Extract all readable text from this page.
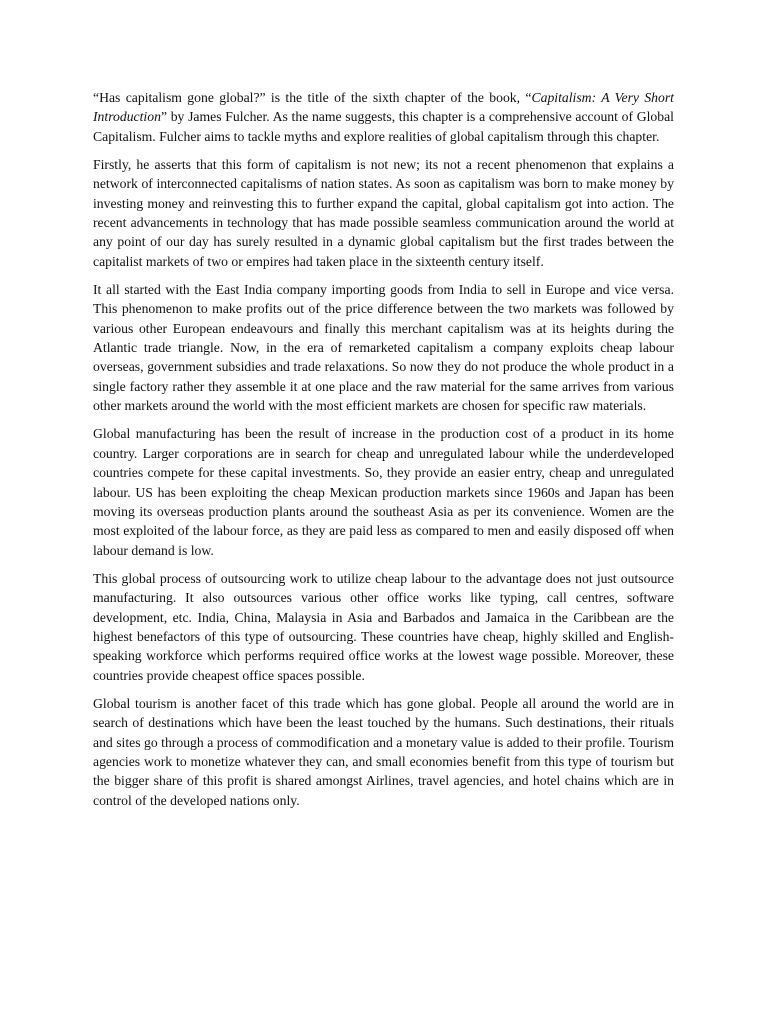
“Has capitalism gone global?” is the title of the sixth chapter of the book, “Capitalism: A Very Short Introduction” by James Fulcher. As the name suggests, this chapter is a comprehensive account of Global Capitalism. Fulcher aims to tackle myths and explore realities of global capitalism through this chapter.

Firstly, he asserts that this form of capitalism is not new; its not a recent phenomenon that explains a network of interconnected capitalisms of nation states. As soon as capitalism was born to make money by investing money and reinvesting this to further expand the capital, global capitalism got into action. The recent advancements in technology that has made possible seamless communication around the world at any point of our day has surely resulted in a dynamic global capitalism but the first trades between the capitalist markets of two or empires had taken place in the sixteenth century itself.

It all started with the East India company importing goods from India to sell in Europe and vice versa. This phenomenon to make profits out of the price difference between the two markets was followed by various other European endeavours and finally this merchant capitalism was at its heights during the Atlantic trade triangle. Now, in the era of remarketed capitalism a company exploits cheap labour overseas, government subsidies and trade relaxations. So now they do not produce the whole product in a single factory rather they assemble it at one place and the raw material for the same arrives from various other markets around the world with the most efficient markets are chosen for specific raw materials.

Global manufacturing has been the result of increase in the production cost of a product in its home country. Larger corporations are in search for cheap and unregulated labour while the underdeveloped countries compete for these capital investments. So, they provide an easier entry, cheap and unregulated labour. US has been exploiting the cheap Mexican production markets since 1960s and Japan has been moving its overseas production plants around the southeast Asia as per its convenience. Women are the most exploited of the labour force, as they are paid less as compared to men and easily disposed off when labour demand is low.

This global process of outsourcing work to utilize cheap labour to the advantage does not just outsource manufacturing. It also outsources various other office works like typing, call centres, software development, etc. India, China, Malaysia in Asia and Barbados and Jamaica in the Caribbean are the highest benefactors of this type of outsourcing. These countries have cheap, highly skilled and English-speaking workforce which performs required office works at the lowest wage possible. Moreover, these countries provide cheapest office spaces possible.

Global tourism is another facet of this trade which has gone global. People all around the world are in search of destinations which have been the least touched by the humans. Such destinations, their rituals and sites go through a process of commodification and a monetary value is added to their profile. Tourism agencies work to monetize whatever they can, and small economies benefit from this type of tourism but the bigger share of this profit is shared amongst Airlines, travel agencies, and hotel chains which are in control of the developed nations only.
